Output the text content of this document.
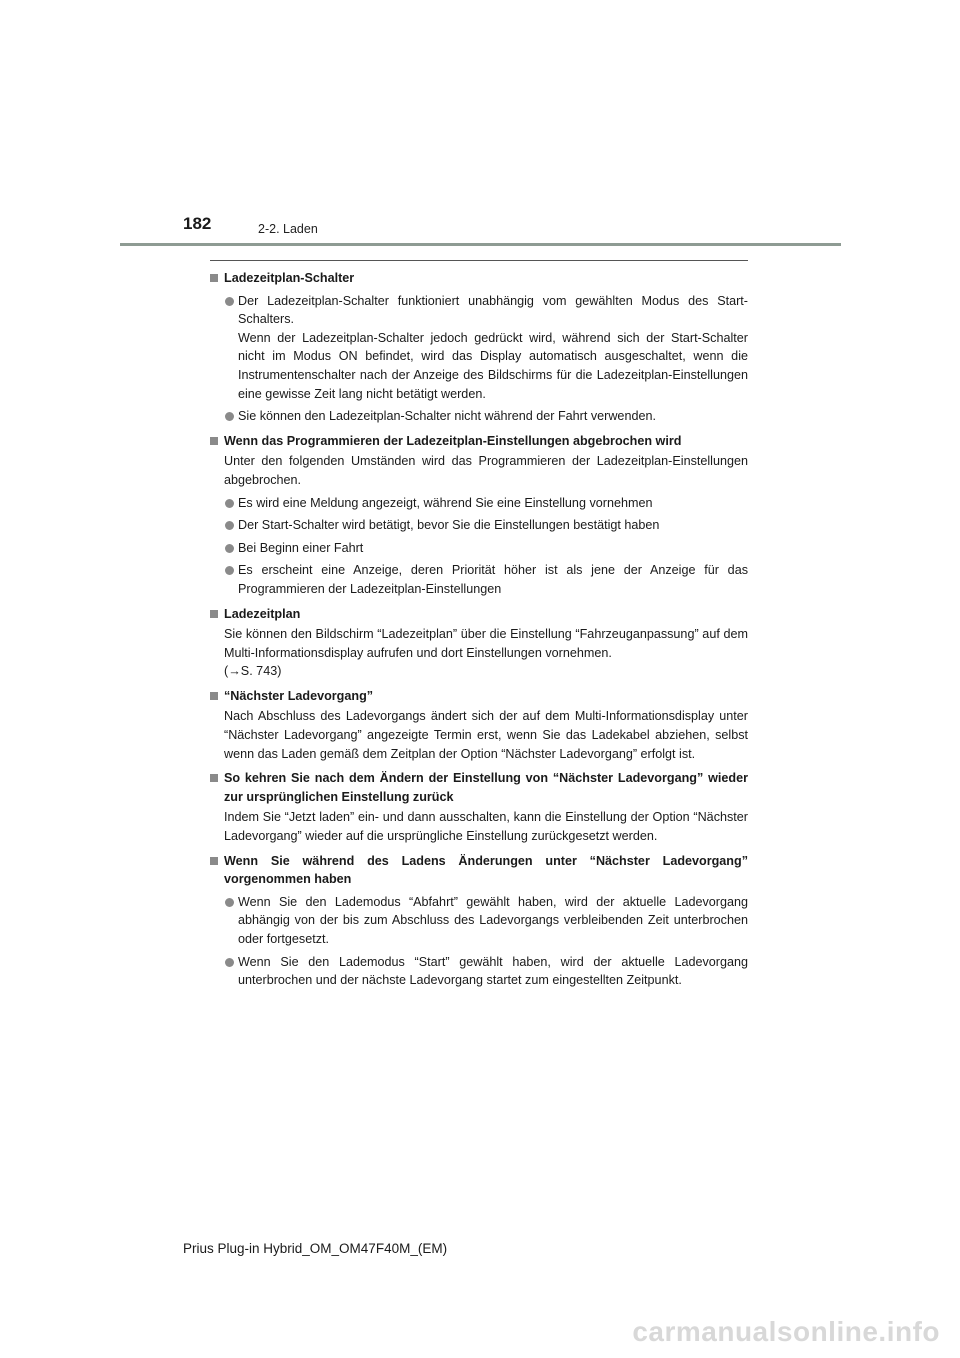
182	2-2. Laden
Ladezeitplan-Schalter
Der Ladezeitplan-Schalter funktioniert unabhängig vom gewählten Modus des Start-Schalters.
Wenn der Ladezeitplan-Schalter jedoch gedrückt wird, während sich der Start-Schalter nicht im Modus ON befindet, wird das Display automatisch ausgeschaltet, wenn die Instrumentenschalter nach der Anzeige des Bildschirms für die Ladezeitplan-Einstellungen eine gewisse Zeit lang nicht betätigt werden.
Sie können den Ladezeitplan-Schalter nicht während der Fahrt verwenden.
Wenn das Programmieren der Ladezeitplan-Einstellungen abgebrochen wird
Unter den folgenden Umständen wird das Programmieren der Ladezeitplan-Einstellungen abgebrochen.
Es wird eine Meldung angezeigt, während Sie eine Einstellung vornehmen
Der Start-Schalter wird betätigt, bevor Sie die Einstellungen bestätigt haben
Bei Beginn einer Fahrt
Es erscheint eine Anzeige, deren Priorität höher ist als jene der Anzeige für das Programmieren der Ladezeitplan-Einstellungen
Ladezeitplan
Sie können den Bildschirm “Ladezeitplan” über die Einstellung “Fahrzeuganpassung” auf dem Multi-Informationsdisplay aufrufen und dort Einstellungen vornehmen.
(→S. 743)
“Nächster Ladevorgang”
Nach Abschluss des Ladevorgangs ändert sich der auf dem Multi-Informationsdisplay unter “Nächster Ladevorgang” angezeigte Termin erst, wenn Sie das Ladekabel abziehen, selbst wenn das Laden gemäß dem Zeitplan der Option “Nächster Ladevorgang” erfolgt ist.
So kehren Sie nach dem Ändern der Einstellung von “Nächster Ladevorgang” wieder zur ursprünglichen Einstellung zurück
Indem Sie “Jetzt laden” ein- und dann ausschalten, kann die Einstellung der Option “Nächster Ladevorgang” wieder auf die ursprüngliche Einstellung zurückgesetzt werden.
Wenn Sie während des Ladens Änderungen unter “Nächster Ladevorgang” vorgenommen haben
Wenn Sie den Lademodus “Abfahrt” gewählt haben, wird der aktuelle Ladevorgang abhängig von der bis zum Abschluss des Ladevorgangs verbleibenden Zeit unterbrochen oder fortgesetzt.
Wenn Sie den Lademodus “Start” gewählt haben, wird der aktuelle Ladevorgang unterbrochen und der nächste Ladevorgang startet zum eingestellten Zeitpunkt.
Prius Plug-in Hybrid_OM_OM47F40M_(EM)
carmanualsonline.info
